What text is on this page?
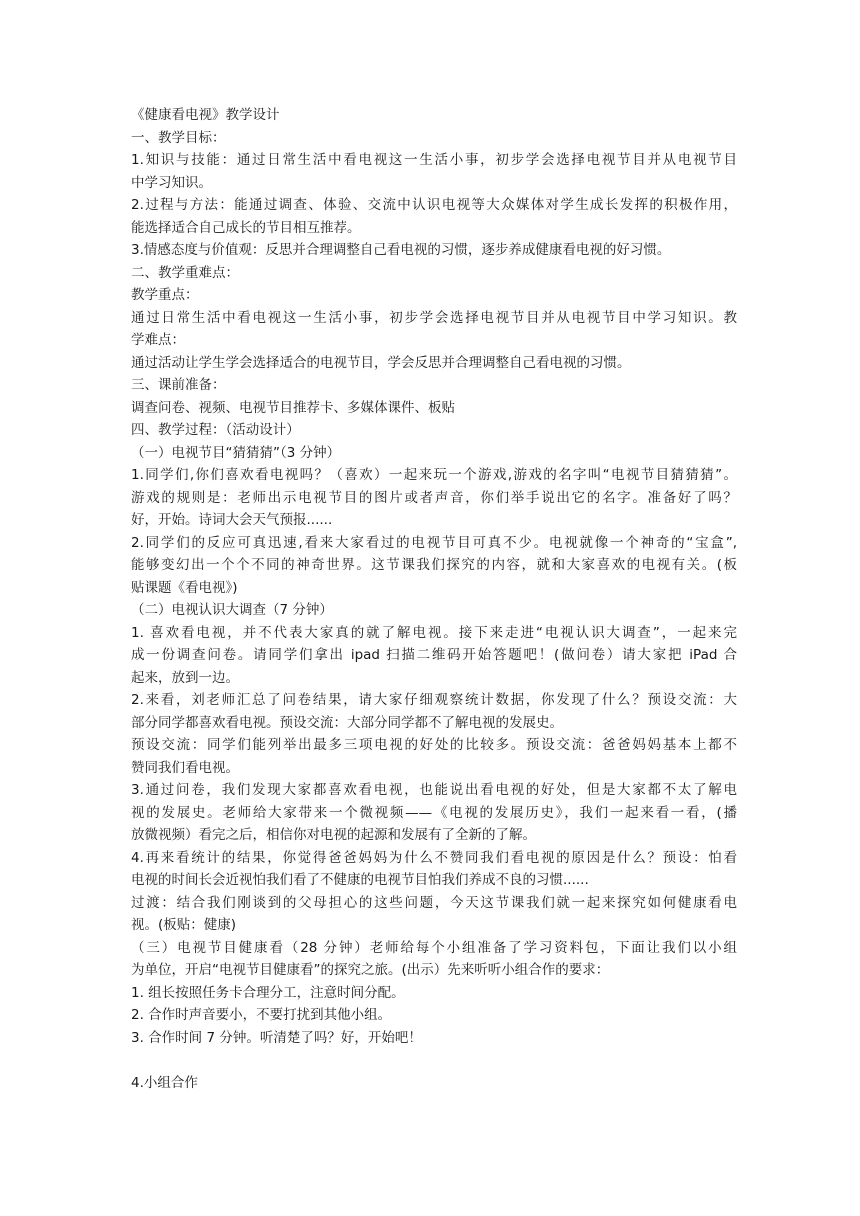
《健康看电视》教学设计
一、教学目标：
1.知识与技能：通过日常生活中看电视这一生活小事，初步学会选择电视节目并从电视节目
中学习知识。
2.过程与方法：能通过调查、体验、交流中认识电视等大众媒体对学生成长发挥的积极作用，
能选择适合自己成长的节目相互推荐。
3.情感态度与价值观：反思并合理调整自己看电视的习惯，逐步养成健康看电视的好习惯。
二、教学重难点：
教学重点：
通过日常生活中看电视这一生活小事，初步学会选择电视节目并从电视节目中学习知识。教
学难点：
通过活动让学生学会选择适合的电视节目，学会反思并合理调整自己看电视的习惯。
三、课前准备：
调查问卷、视频、电视节目推荐卡、多媒体课件、板贴
四、教学过程：（活动设计）
（一）电视节目“猜猜猜”（3 分钟）
1.同学们,你们喜欢看电视吗？（喜欢）一起来玩一个游戏,游戏的名字叫“电视节目猜猜猜”。
游戏的规则是：老师出示电视节目的图片或者声音，你们举手说出它的名字。准备好了吗？
好，开始。诗词大会天气预报......
2.同学们的反应可真迅速,看来大家看过的电视节目可真不少。电视就像一个神奇的“宝盒”,
能够变幻出一个个不同的神奇世界。这节课我们探究的内容，就和大家喜欢的电视有关。(板
贴课题《看电视》)
（二）电视认识大调查（7 分钟）
1. 喜欢看电视，并不代表大家真的就了解电视。接下来走进“电视认识大调查”，一起来完
成一份调查问卷。请同学们拿出 ipad 扫描二维码开始答题吧！(做问卷）请大家把 iPad 合
起来，放到一边。
2.来看，刘老师汇总了问卷结果，请大家仔细观察统计数据，你发现了什么？预设交流：大
部分同学都喜欢看电视。预设交流：大部分同学都不了解电视的发展史。
预设交流：同学们能列举出最多三项电视的好处的比较多。预设交流：爸爸妈妈基本上都不
赞同我们看电视。
3.通过问卷，我们发现大家都喜欢看电视，也能说出看电视的好处，但是大家都不太了解电
视的发展史。老师给大家带来一个微视频——《电视的发展历史》，我们一起来看一看，(播
放微视频）看完之后，相信你对电视的起源和发展有了全新的了解。
4.再来看统计的结果，你觉得爸爸妈妈为什么不赞同我们看电视的原因是什么？预设：怕看
电视的时间长会近视怕我们看了不健康的电视节目怕我们养成不良的习惯......
过渡：结合我们刚谈到的父母担心的这些问题，今天这节课我们就一起来探究如何健康看电
视。(板贴：健康)
（三）电视节目健康看（28 分钟）老师给每个小组准备了学习资料包，下面让我们以小组
为单位，开启“电视节目健康看”的探究之旅。(出示）先来听听小组合作的要求：
1. 组长按照任务卡合理分工，注意时间分配。
2. 合作时声音要小，不要打扰到其他小组。
3. 合作时间 7 分钟。听清楚了吗？好，开始吧！
4.小组合作
